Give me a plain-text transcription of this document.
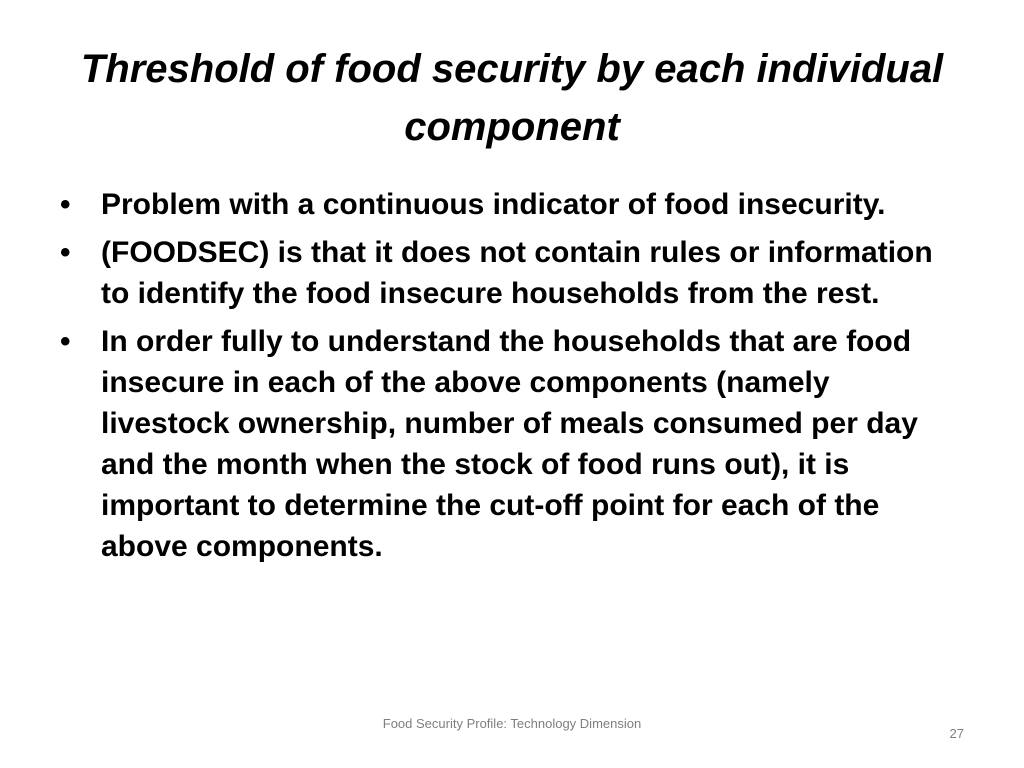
Threshold of food security by each individual component
•	Problem with a continuous indicator of food insecurity.
•	(FOODSEC) is that it does not contain rules or information to identify the food insecure households from the rest.
•	In order fully to understand the households that are food insecure in each of the above components (namely livestock ownership, number of meals consumed per day and the month when the stock of food runs out), it is important to determine the cut-off point for each of the above components.

Food Security Profile: Technology Dimension

27
